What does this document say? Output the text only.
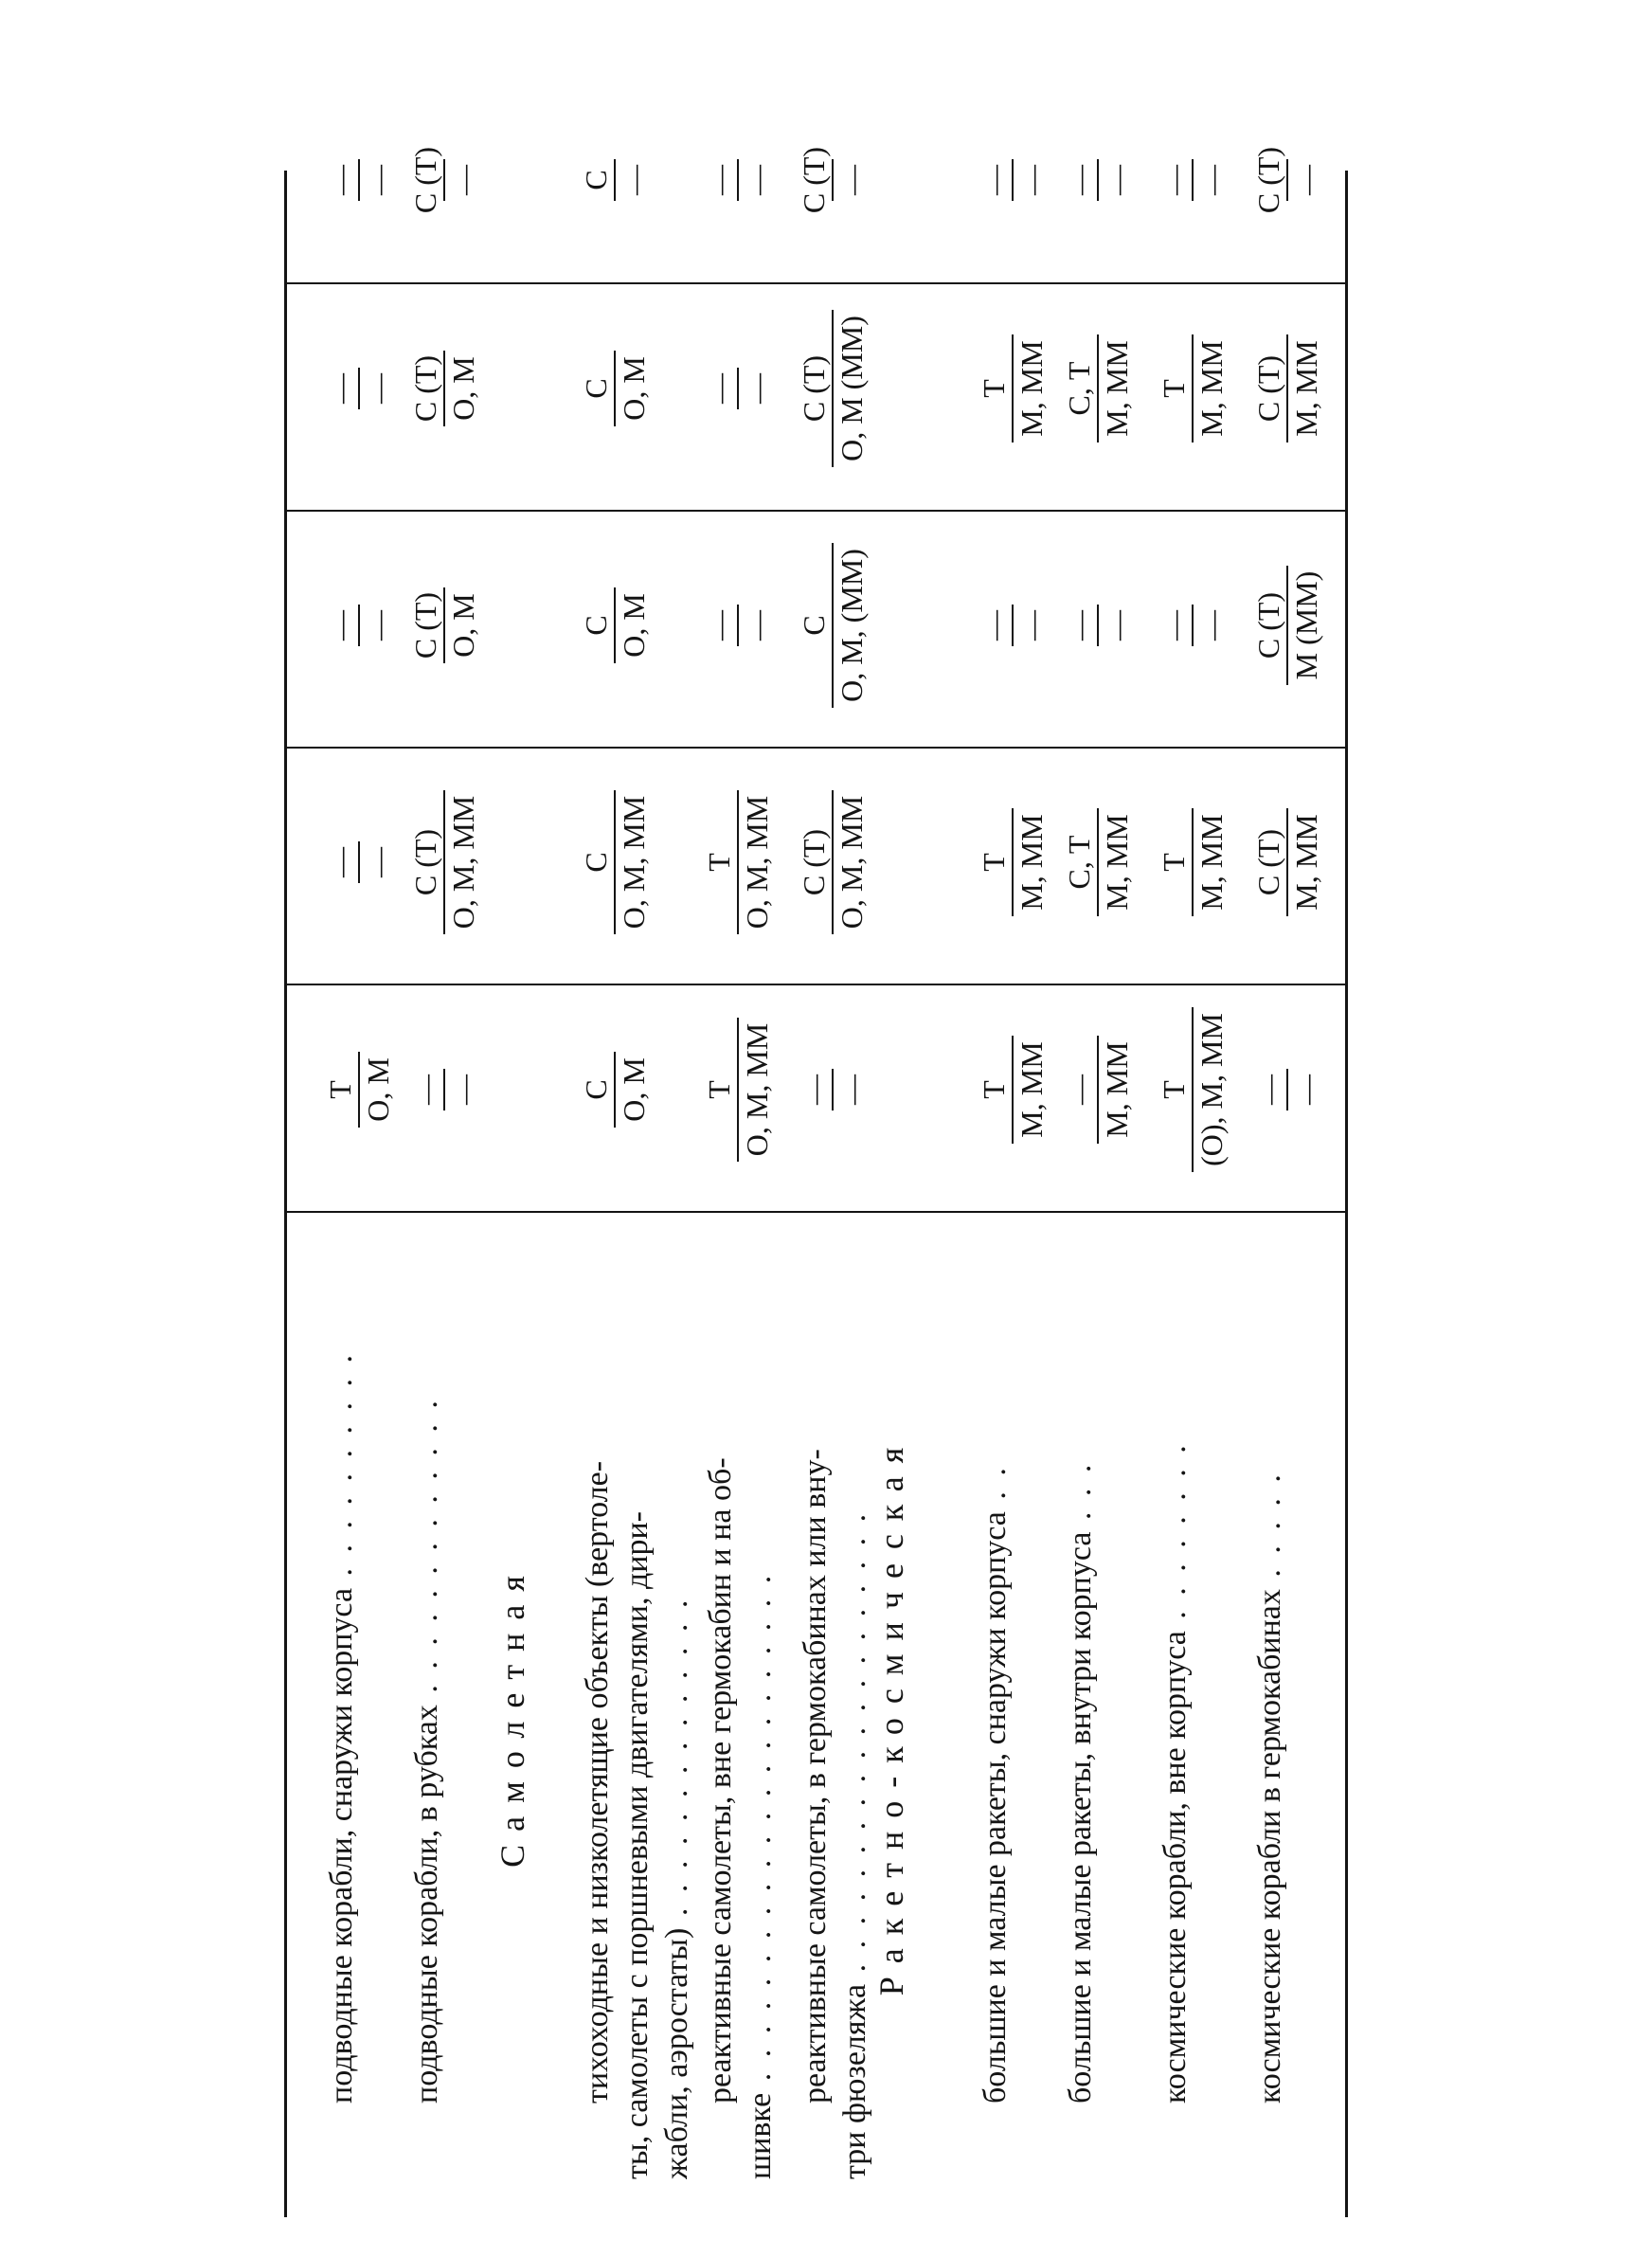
подводные корабли, снаружи корпуса . . . . . . . . . .
Т О, М
— —
— —
— —
— —
подводные корабли, в рубках . . . . . . . . . . . . .
— —
С (Т) О, М, ММ
С (Т) О, М
С (Т) О, М
С (Т) —
Самолетная тихоходные и низколетящие объекты (вертоле- ты, самолеты с поршневыми двигателями, дири- жабли, аэростаты) . . . . . . . . . . . . . .
С О, М
С О, М, ММ
С О, М
С О, М
С —
реактивные самолеты, вне гермокабин и на об-
шивке . . . . . . . . . . . . . . . . . . . . . .
Т О, М, ММ
Т О, М, ММ
— —
— —
— —
реактивные самолеты, в гермокабинах или вну- три фюзеляжа . . . . . . . . . . . . . . . . . . . .
— —
С (Т) О, М, ММ
С О, М, (ММ)
С (Т) О, М (ММ)
С (Т) —
Ракетно-космическая большие и малые ракеты, снаружи корпуса . .
Т М, ММ
Т М, ММ
— —
Т М, ММ
— —
большие и малые ракеты, внутри корпуса . . .
— М, ММ
С, Т М, ММ
— —
С, Т М, ММ
— —
космические корабли, вне корпуса . . . . . . . .
Т (О), М, ММ
Т М, ММ
— —
Т М, ММ
— —
космические корабли в гермокабинах . . . . .
— —
С (Т) М, ММ
С (Т) М (ММ)
С (Т) М, ММ
С (Т) —
